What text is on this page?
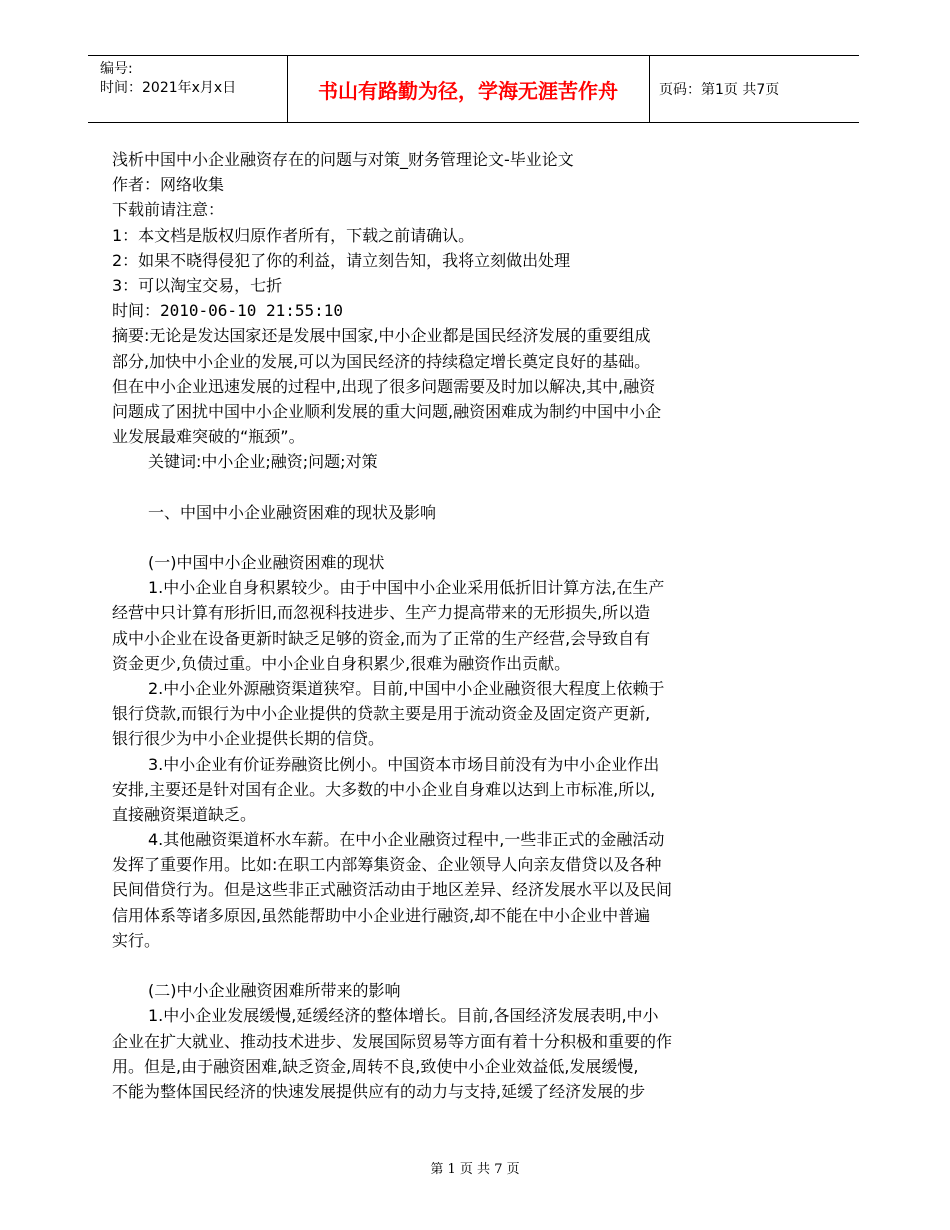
编号:
时间：2021年x月x日	书山有路勤为径，学海无涯苦作舟	页码：第1页 共7页
浅析中国中小企业融资存在的问题与对策_财务管理论文-毕业论文
作者：网络收集
下载前请注意：
1：本文档是版权归原作者所有，下载之前请确认。
2：如果不晓得侵犯了你的利益，请立刻告知，我将立刻做出处理
3：可以淘宝交易，七折
时间：2010-06-10 21:55:10
摘要:无论是发达国家还是发展中国家,中小企业都是国民经济发展的重要组成
部分,加快中小企业的发展,可以为国民经济的持续稳定增长奠定良好的基础。
但在中小企业迅速发展的过程中,出现了很多问题需要及时加以解决,其中,融资
问题成了困扰中国中小企业顺利发展的重大问题,融资困难成为制约中国中小企
业发展最难突破的“瓶颈”。
关键词:中小企业;融资;问题;对策
一、中国中小企业融资困难的现状及影响
(一)中国中小企业融资困难的现状
1.中小企业自身积累较少。由于中国中小企业采用低折旧计算方法,在生产
经营中只计算有形折旧,而忽视科技进步、生产力提高带来的无形损失,所以造
成中小企业在设备更新时缺乏足够的资金,而为了正常的生产经营,会导致自有
资金更少,负债过重。中小企业自身积累少,很难为融资作出贡献。
2.中小企业外源融资渠道狭窄。目前,中国中小企业融资很大程度上依赖于
银行贷款,而银行为中小企业提供的贷款主要是用于流动资金及固定资产更新,
银行很少为中小企业提供长期的信贷。
3.中小企业有价证券融资比例小。中国资本市场目前没有为中小企业作出
安排,主要还是针对国有企业。大多数的中小企业自身难以达到上市标准,所以,
直接融资渠道缺乏。
4.其他融资渠道杯水车薪。在中小企业融资过程中,一些非正式的金融活动
发挥了重要作用。比如:在职工内部筹集资金、企业领导人向亲友借贷以及各种
民间借贷行为。但是这些非正式融资活动由于地区差异、经济发展水平以及民间
信用体系等诸多原因,虽然能帮助中小企业进行融资,却不能在中小企业中普遍
实行。
(二)中小企业融资困难所带来的影响
1.中小企业发展缓慢,延缓经济的整体增长。目前,各国经济发展表明,中小
企业在扩大就业、推动技术进步、发展国际贸易等方面有着十分积极和重要的作
用。但是,由于融资困难,缺乏资金,周转不良,致使中小企业效益低,发展缓慢,
不能为整体国民经济的快速发展提供应有的动力与支持,延缓了经济发展的步
第 1 页 共 7 页
